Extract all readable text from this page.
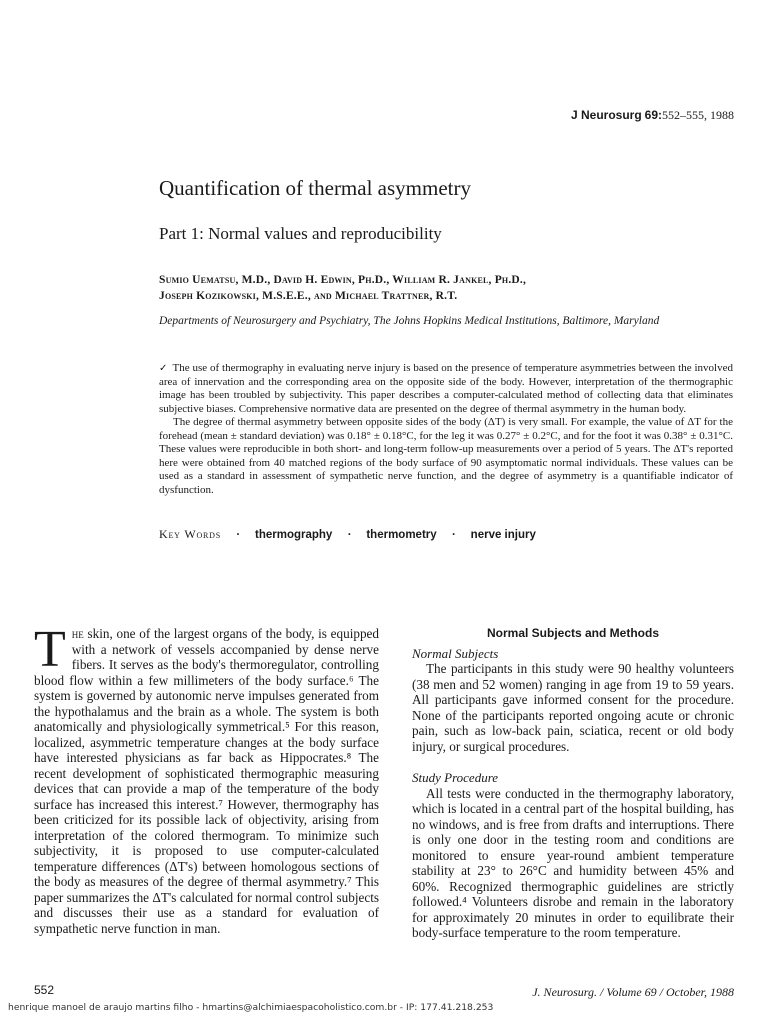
J Neurosurg 69:552–555, 1988
Quantification of thermal asymmetry
Part 1: Normal values and reproducibility
Sumio Uematsu, M.D., David H. Edwin, Ph.D., William R. Jankel, Ph.D.,
Joseph Kozikowski, M.S.E.E., and Michael Trattner, R.T.
Departments of Neurosurgery and Psychiatry, The Johns Hopkins Medical Institutions, Baltimore, Maryland

✓ The use of thermography in evaluating nerve injury is based on the presence of temperature asymmetries between the involved area of innervation and the corresponding area on the opposite side of the body. However, interpretation of the thermographic image has been troubled by subjectivity. This paper describes a computer-calculated method of collecting data that eliminates subjective biases. Comprehensive normative data are presented on the degree of thermal asymmetry in the human body.

The degree of thermal asymmetry between opposite sides of the body (ΔT) is very small. For example, the value of ΔT for the forehead (mean ± standard deviation) was 0.18° ± 0.18°C, for the leg it was 0.27° ± 0.2°C, and for the foot it was 0.38° ± 0.31°C. These values were reproducible in both short- and long-term follow-up measurements over a period of 5 years. The ΔT's reported here were obtained from 40 matched regions of the body surface of 90 asymptomatic normal individuals. These values can be used as a standard in assessment of sympathetic nerve function, and the degree of asymmetry is a quantifiable indicator of dysfunction.

Key Words · thermography · thermometry · nerve injury

The skin, one of the largest organs of the body, is equipped with a network of vessels accompanied by dense nerve fibers. It serves as the body's thermoregulator, controlling blood flow within a few millimeters of the body surface.⁶ The system is governed by autonomic nerve impulses generated from the hypothalamus and the brain as a whole. The system is both anatomically and physiologically symmetrical.⁵ For this reason, localized, asymmetric temperature changes at the body surface have interested physicians as far back as Hippocrates.⁸ The recent development of sophisticated thermographic measuring devices that can provide a map of the temperature of the body surface has increased this interest.⁷ However, thermography has been criticized for its possible lack of objectivity, arising from interpretation of the colored thermogram. To minimize such subjectivity, it is proposed to use computer-calculated temperature differences (ΔT's) between homologous sections of the body as measures of the degree of thermal asymmetry.⁷ This paper summarizes the ΔT's calculated for normal control subjects and discusses their use as a standard for evaluation of sympathetic nerve function in man.

Normal Subjects and Methods

Normal Subjects

The participants in this study were 90 healthy volunteers (38 men and 52 women) ranging in age from 19 to 59 years. All participants gave informed consent for the procedure. None of the participants reported ongoing acute or chronic pain, such as low-back pain, sciatica, recent or old body injury, or surgical procedures.

Study Procedure

All tests were conducted in the thermography laboratory, which is located in a central part of the hospital building, has no windows, and is free from drafts and interruptions. There is only one door in the testing room and conditions are monitored to ensure year-round ambient temperature stability at 23° to 26°C and humidity between 45% and 60%. Recognized thermographic guidelines are strictly followed.⁴ Volunteers disrobe and remain in the laboratory for approximately 20 minutes in order to equilibrate their body-surface temperature to the room temperature.

552	J. Neurosurg. / Volume 69 / October, 1988
henrique manoel de araujo martins filho - hmartins@alchimiaespacoholistico.com.br - IP: 177.41.218.253
